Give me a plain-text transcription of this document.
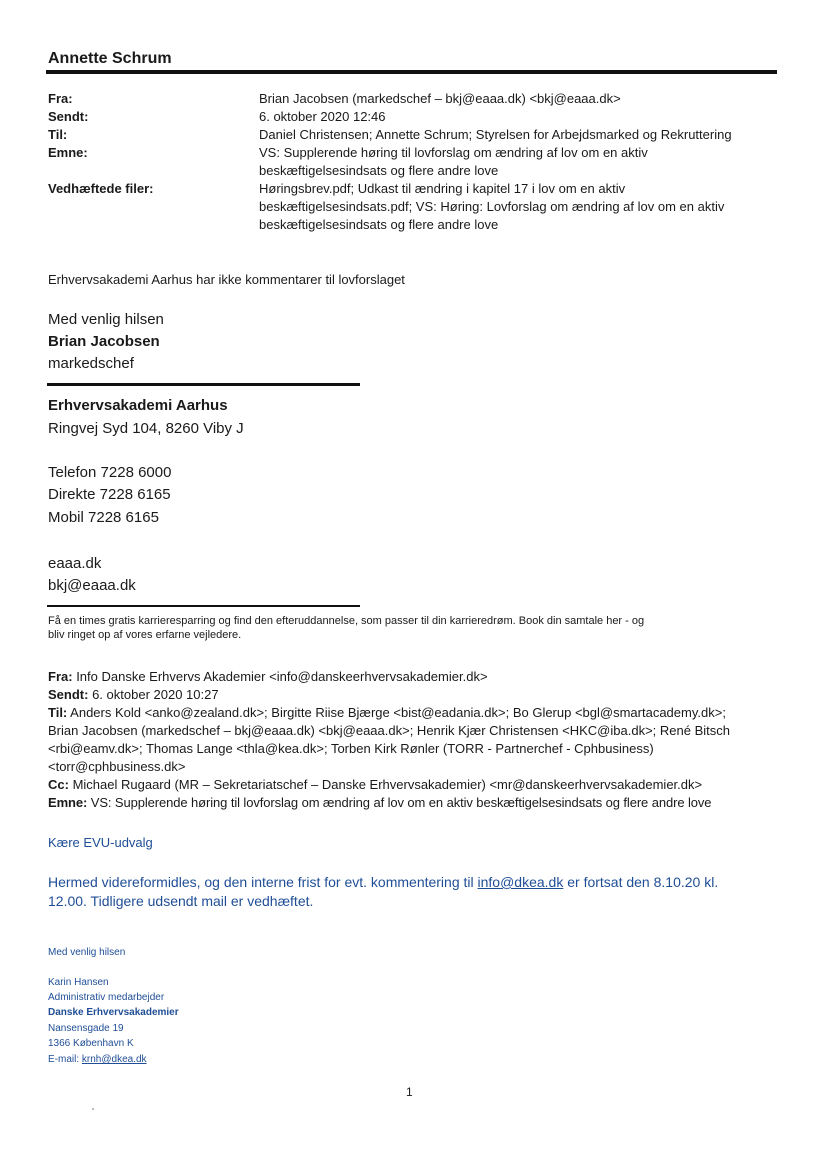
Annette Schrum
Fra:	Brian Jacobsen (markedschef – bkj@eaaa.dk) <bkj@eaaa.dk>
Sendt:	6. oktober 2020 12:46
Til:	Daniel Christensen; Annette Schrum; Styrelsen for Arbejdsmarked og Rekruttering
Emne:	VS: Supplerende høring til lovforslag om ændring af lov om en aktiv
beskæftigelsesindsats og flere andre love
Vedhæftede filer:	Høringsbrev.pdf; Udkast til ændring i kapitel 17 i lov om en aktiv
beskæftigelsesindsats.pdf; VS: Høring: Lovforslag om ændring af lov om en aktiv
beskæftigelsesindsats og flere andre love
Erhvervsakademi Aarhus har ikke kommentarer til lovforslaget
Med venlig hilsen
Brian Jacobsen
markedschef
Erhvervsakademi Aarhus
Ringvej Syd 104, 8260 Viby J
Telefon 7228 6000
Direkte 7228 6165
Mobil 7228 6165
eaaa.dk
bkj@eaaa.dk
Få en times gratis karrieresparring og find den efteruddannelse, som passer til din karrieredrøm. Book din samtale her - og
bliv ringet op af vores erfarne vejledere.
Fra: Info Danske Erhvervs Akademier <info@danskeerhvervsakademier.dk>
Sendt: 6. oktober 2020 10:27
Til: Anders Kold <anko@zealand.dk>; Birgitte Riise Bjærge <bist@eadania.dk>; Bo Glerup <bgl@smartacademy.dk>;
Brian Jacobsen (markedschef – bkj@eaaa.dk) <bkj@eaaa.dk>; Henrik Kjær Christensen <HKC@iba.dk>; René Bitsch
<rbi@eamv.dk>; Thomas Lange <thla@kea.dk>; Torben Kirk Rønler (TORR - Partnerchef - Cphbusiness)
<torr@cphbusiness.dk>
Cc: Michael Rugaard (MR – Sekretariatschef – Danske Erhvervsakademier) <mr@danskeerhvervsakademier.dk>
Emne: VS: Supplerende høring til lovforslag om ændring af lov om en aktiv beskæftigelsesindsats og flere andre love
Kære EVU-udvalg
Hermed videreformidles, og den interne frist for evt. kommentering til info@dkea.dk er fortsat den 8.10.20 kl.
12.00. Tidligere udsendt mail er vedhæftet.
Med venlig hilsen
Karin Hansen
Administrativ medarbejder
Danske Erhvervsakademier
Nansensgade 19
1366 København K
E-mail: krnh@dkea.dk
1
